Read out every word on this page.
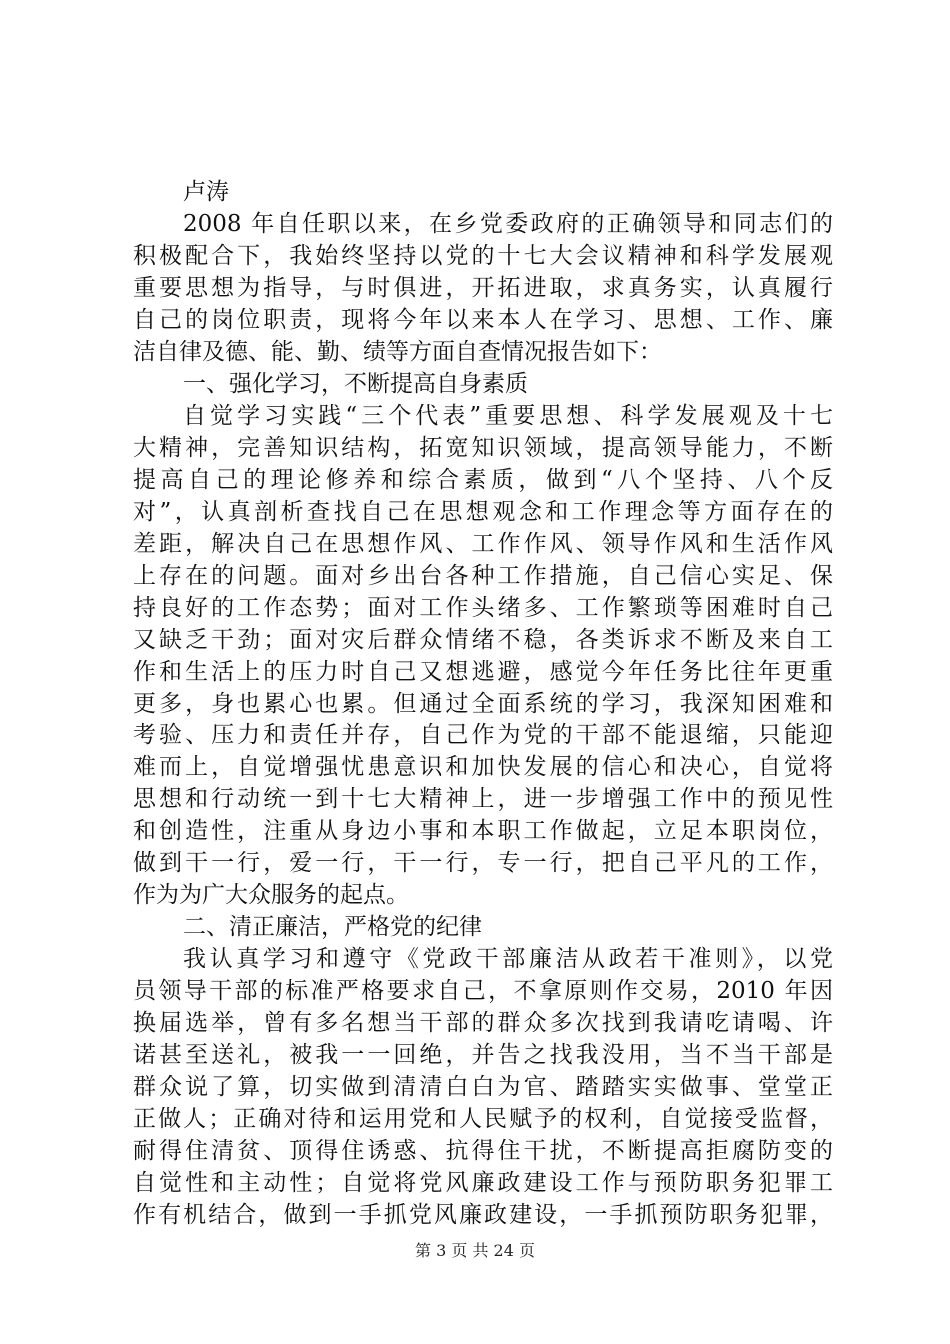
卢涛
2008 年自任职以来，在乡党委政府的正确领导和同志们的
积极配合下，我始终坚持以党的十七大会议精神和科学发展观
重要思想为指导，与时俱进，开拓进取，求真务实，认真履行
自己的岗位职责，现将今年以来本人在学习、思想、工作、廉
洁自律及德、能、勤、绩等方面自查情况报告如下：
一、强化学习，不断提高自身素质
自觉学习实践“三个代表”重要思想、科学发展观及十七
大精神，完善知识结构，拓宽知识领域，提高领导能力，不断
提高自己的理论修养和综合素质，做到“八个坚持、八个反
对”，认真剖析查找自己在思想观念和工作理念等方面存在的
差距，解决自己在思想作风、工作作风、领导作风和生活作风
上存在的问题。面对乡出台各种工作措施，自己信心实足、保
持良好的工作态势；面对工作头绪多、工作繁琐等困难时自己
又缺乏干劲；面对灾后群众情绪不稳，各类诉求不断及来自工
作和生活上的压力时自己又想逃避，感觉今年任务比往年更重
更多，身也累心也累。但通过全面系统的学习，我深知困难和
考验、压力和责任并存，自己作为党的干部不能退缩，只能迎
难而上，自觉增强忧患意识和加快发展的信心和决心，自觉将
思想和行动统一到十七大精神上，进一步增强工作中的预见性
和创造性，注重从身边小事和本职工作做起，立足本职岗位，
做到干一行，爱一行，干一行，专一行，把自己平凡的工作，
作为为广大众服务的起点。
二、清正廉洁，严格党的纪律
我认真学习和遵守《党政干部廉洁从政若干准则》，以党
员领导干部的标准严格要求自己，不拿原则作交易，2010 年因
换届选举，曾有多名想当干部的群众多次找到我请吃请喝、许
诺甚至送礼，被我一一回绝，并告之找我没用，当不当干部是
群众说了算，切实做到清清白白为官、踏踏实实做事、堂堂正
正做人；正确对待和运用党和人民赋予的权利，自觉接受监督，
耐得住清贫、顶得住诱惑、抗得住干扰，不断提高拒腐防变的
自觉性和主动性；自觉将党风廉政建设工作与预防职务犯罪工
作有机结合，做到一手抓党风廉政建设，一手抓预防职务犯罪，
第 3 页 共 24 页
